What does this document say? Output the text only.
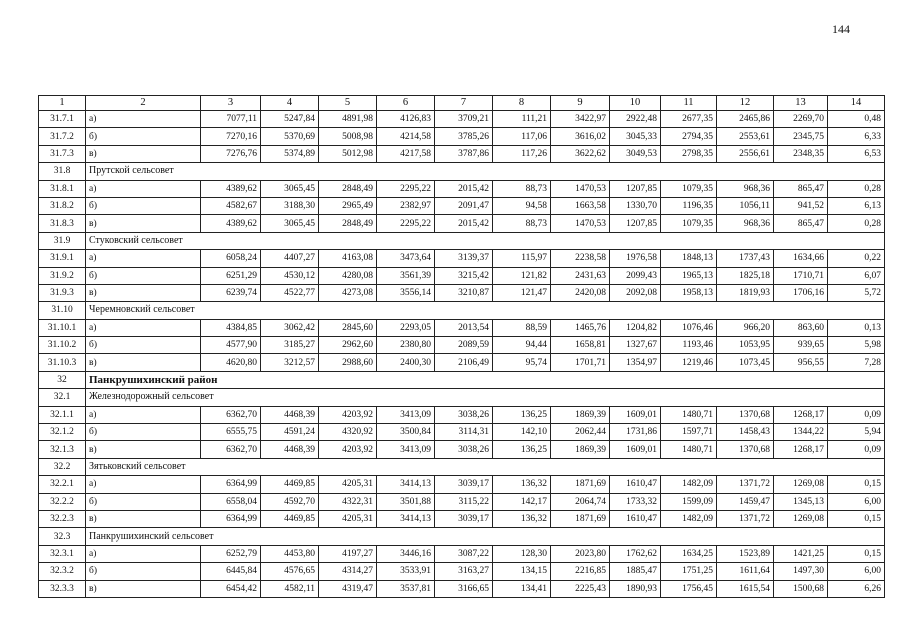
144
1	2	3	4	5	6	7	8	9	10	11	12	13	14
31.7.1	а)	7077,11	5247,84	4891,98	4126,83	3709,21	111,21	3422,97	2922,48	2677,35	2465,86	2269,70	0,48
31.7.2	б)	7270,16	5370,69	5008,98	4214,58	3785,26	117,06	3616,02	3045,33	2794,35	2553,61	2345,75	6,33
31.7.3	в)	7276,76	5374,89	5012,98	4217,58	3787,86	117,26	3622,62	3049,53	2798,35	2556,61	2348,35	6,53
31.8	Прутской сельсовет												
31.8.1	а)	4389,62	3065,45	2848,49	2295,22	2015,42	88,73	1470,53	1207,85	1079,35	968,36	865,47	0,28
31.8.2	б)	4582,67	3188,30	2965,49	2382,97	2091,47	94,58	1663,58	1330,70	1196,35	1056,11	941,52	6,13
31.8.3	в)	4389,62	3065,45	2848,49	2295,22	2015,42	88,73	1470,53	1207,85	1079,35	968,36	865,47	0,28
31.9	Стуковский сельсовет												
31.9.1	а)	6058,24	4407,27	4163,08	3473,64	3139,37	115,97	2238,58	1976,58	1848,13	1737,43	1634,66	0,22
31.9.2	б)	6251,29	4530,12	4280,08	3561,39	3215,42	121,82	2431,63	2099,43	1965,13	1825,18	1710,71	6,07
31.9.3	в)	6239,74	4522,77	4273,08	3556,14	3210,87	121,47	2420,08	2092,08	1958,13	1819,93	1706,16	5,72
31.10	Черемновский сельсовет												
31.10.1	а)	4384,85	3062,42	2845,60	2293,05	2013,54	88,59	1465,76	1204,82	1076,46	966,20	863,60	0,13
31.10.2	б)	4577,90	3185,27	2962,60	2380,80	2089,59	94,44	1658,81	1327,67	1193,46	1053,95	939,65	5,98
31.10.3	в)	4620,80	3212,57	2988,60	2400,30	2106,49	95,74	1701,71	1354,97	1219,46	1073,45	956,55	7,28
32	Панкрушихинский район												
32.1	Железнодорожный сельсовет												
32.1.1	а)	6362,70	4468,39	4203,92	3413,09	3038,26	136,25	1869,39	1609,01	1480,71	1370,68	1268,17	0,09
32.1.2	б)	6555,75	4591,24	4320,92	3500,84	3114,31	142,10	2062,44	1731,86	1597,71	1458,43	1344,22	5,94
32.1.3	в)	6362,70	4468,39	4203,92	3413,09	3038,26	136,25	1869,39	1609,01	1480,71	1370,68	1268,17	0,09
32.2	Зятьковский сельсовет												
32.2.1	а)	6364,99	4469,85	4205,31	3414,13	3039,17	136,32	1871,69	1610,47	1482,09	1371,72	1269,08	0,15
32.2.2	б)	6558,04	4592,70	4322,31	3501,88	3115,22	142,17	2064,74	1733,32	1599,09	1459,47	1345,13	6,00
32.2.3	в)	6364,99	4469,85	4205,31	3414,13	3039,17	136,32	1871,69	1610,47	1482,09	1371,72	1269,08	0,15
32.3	Панкрушихинский сельсовет												
32.3.1	а)	6252,79	4453,80	4197,27	3446,16	3087,22	128,30	2023,80	1762,62	1634,25	1523,89	1421,25	0,15
32.3.2	б)	6445,84	4576,65	4314,27	3533,91	3163,27	134,15	2216,85	1885,47	1751,25	1611,64	1497,30	6,00
32.3.3	в)	6454,42	4582,11	4319,47	3537,81	3166,65	134,41	2225,43	1890,93	1756,45	1615,54	1500,68	6,26
